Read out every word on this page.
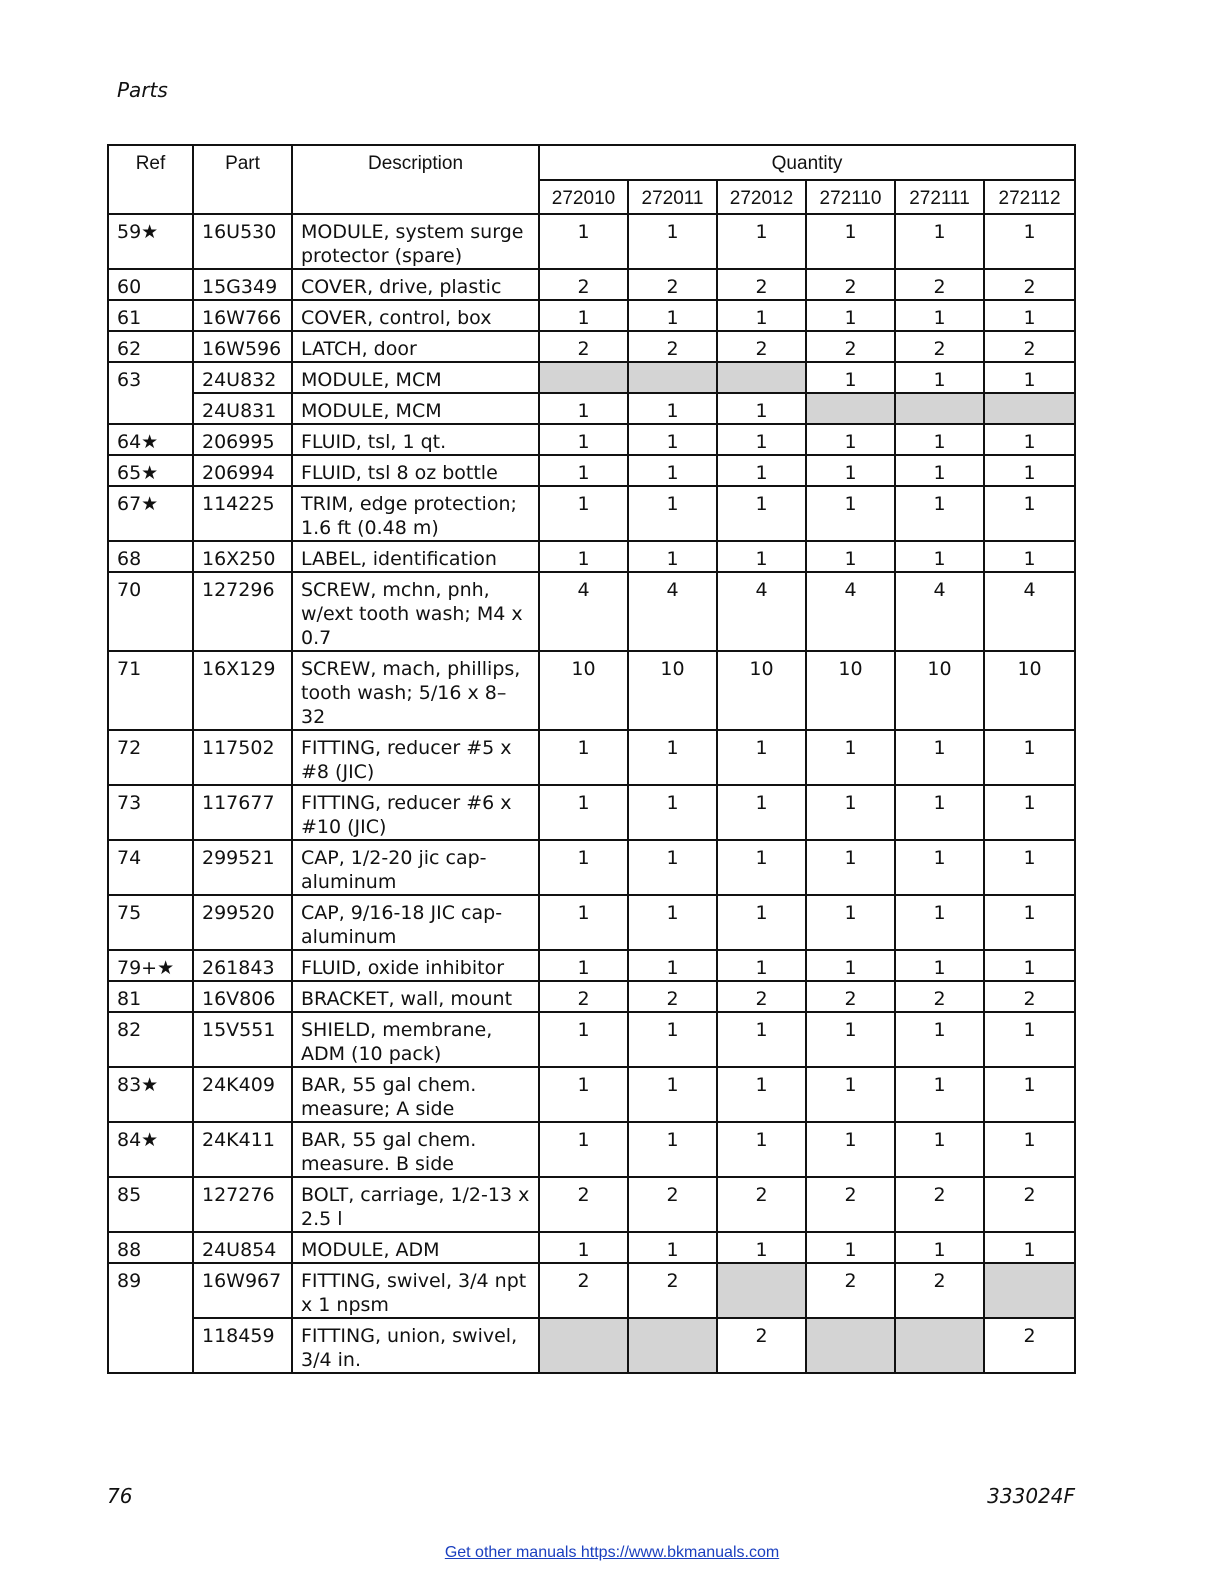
Parts
Ref	Part	Description	Quantity					
			272010	272011	272012	272110	272111	272112
59★	16U530	MODULE, system surge protector (spare)	1	1	1	1	1	1
60	15G349	COVER, drive, plastic	2	2	2	2	2	2
61	16W766	COVER, control, box	1	1	1	1	1	1
62	16W596	LATCH, door	2	2	2	2	2	2
63	24U832	MODULE, MCM				1	1	1
	24U831	MODULE, MCM	1	1	1			
64★	206995	FLUID, tsl, 1 qt.	1	1	1	1	1	1
65★	206994	FLUID, tsl 8 oz bottle	1	1	1	1	1	1
67★	114225	TRIM, edge protection; 1.6 ft (0.48 m)	1	1	1	1	1	1
68	16X250	LABEL, identification	1	1	1	1	1	1
70	127296	SCREW, mchn, pnh, w/ext tooth wash; M4 x 0.7	4	4	4	4	4	4
71	16X129	SCREW, mach, phillips, tooth wash; 5/16 x 8–32	10	10	10	10	10	10
72	117502	FITTING, reducer #5 x #8 (JIC)	1	1	1	1	1	1
73	117677	FITTING, reducer #6 x #10 (JIC)	1	1	1	1	1	1
74	299521	CAP, 1/2-20 jic cap-aluminum	1	1	1	1	1	1
75	299520	CAP, 9/16-18 JIC cap-aluminum	1	1	1	1	1	1
79+★	261843	FLUID, oxide inhibitor	1	1	1	1	1	1
81	16V806	BRACKET, wall, mount	2	2	2	2	2	2
82	15V551	SHIELD, membrane, ADM (10 pack)	1	1	1	1	1	1
83★	24K409	BAR, 55 gal chem. measure; A side	1	1	1	1	1	1
84★	24K411	BAR, 55 gal chem. measure. B side	1	1	1	1	1	1
85	127276	BOLT, carriage, 1/2-13 x 2.5 l	2	2	2	2	2	2
88	24U854	MODULE, ADM	1	1	1	1	1	1
89	16W967	FITTING, swivel, 3/4 npt x 1 npsm	2	2		2	2	
	118459	FITTING, union, swivel, 3/4 in.			2			2
76	333024F
Get other manuals https://www.bkmanuals.com
